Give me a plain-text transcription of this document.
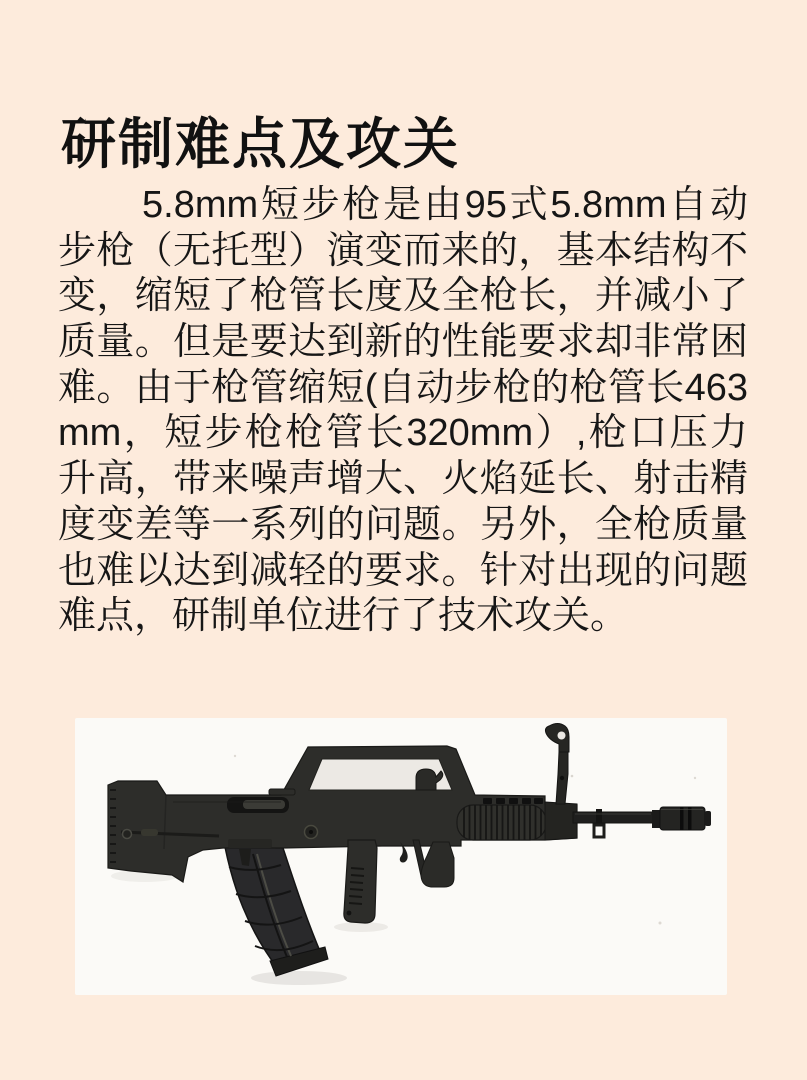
研制难点及攻关
5.8mm短步枪是由95式5.8mm自动
步枪（无托型）演变而来的，基本结构不
变，缩短了枪管长度及全枪长，并减小了
质量。但是要达到新的性能要求却非常困
难。由于枪管缩短(自动步枪的枪管长463
mm，短步枪枪管长320mm）,枪口压力
升高，带来噪声增大、火焰延长、射击精
度变差等一系列的问题。另外，全枪质量
也难以达到减轻的要求。针对出现的问题
难点，研制单位进行了技术攻关。
